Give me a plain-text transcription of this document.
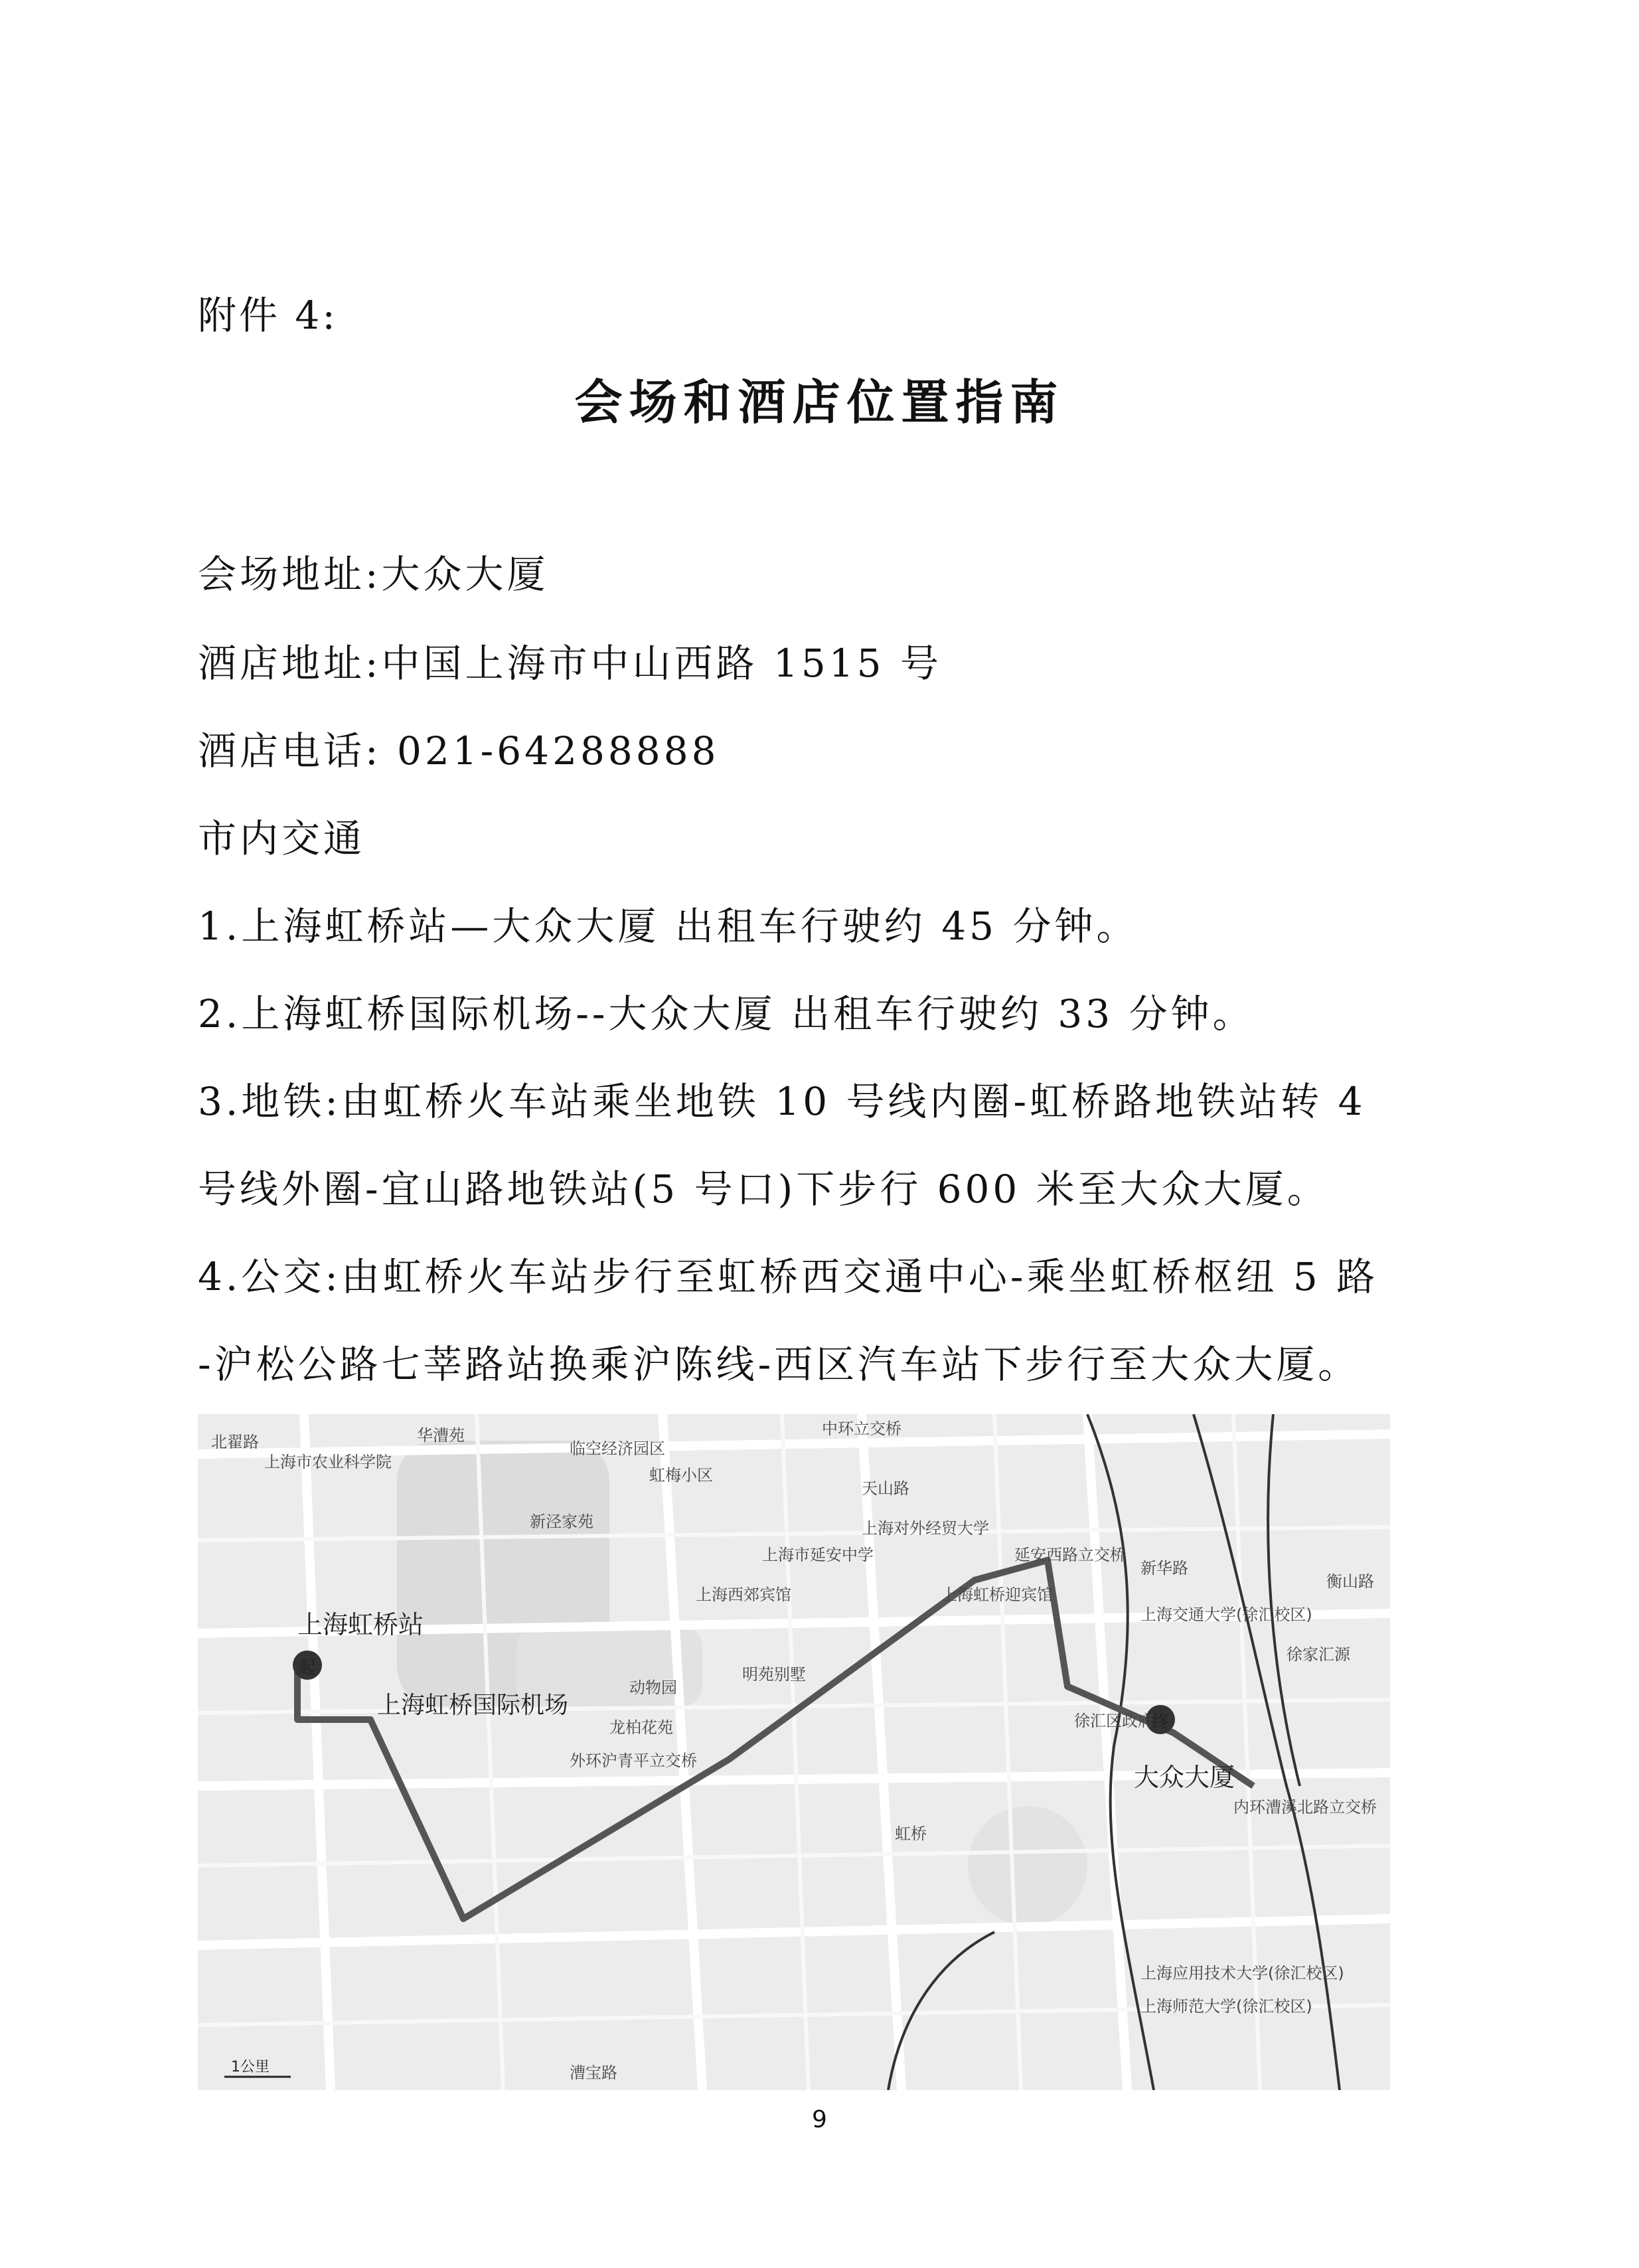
附件 4:
会场和酒店位置指南
会场地址:大众大厦
酒店地址:中国上海市中山西路 1515 号
酒店电话: 021-64288888
市内交通
1.上海虹桥站—大众大厦 出租车行驶约 45 分钟。
2.上海虹桥国际机场--大众大厦 出租车行驶约 33 分钟。
3.地铁:由虹桥火车站乘坐地铁 10 号线内圈-虹桥路地铁站转 4
号线外圈-宜山路地铁站(5 号口)下步行 600 米至大众大厦。
4.公交:由虹桥火车站步行至虹桥西交通中心-乘坐虹桥枢纽 5 路
-沪松公路七莘路站换乘沪陈线-西区汽车站下步行至大众大厦。
起
终
上海虹桥站
上海虹桥国际机场
大众大厦
北翟路
中环立交桥
天山路
延安西路立交桥
新华路
衡山路
动物园
虹桥
徐汇区政府
内环漕溪北路立交桥
上海虹桥迎宾馆
上海西郊宾馆
明苑别墅
龙柏花苑
外环沪青平立交桥
徐家汇源
漕宝路
上海市延安中学
上海对外经贸大学
上海交通大学(徐汇校区)
上海师范大学(徐汇校区)
上海应用技术大学(徐汇校区)
临空经济园区
虹梅小区
新泾家苑
上海市农业科学院
华漕苑
1公里
9
